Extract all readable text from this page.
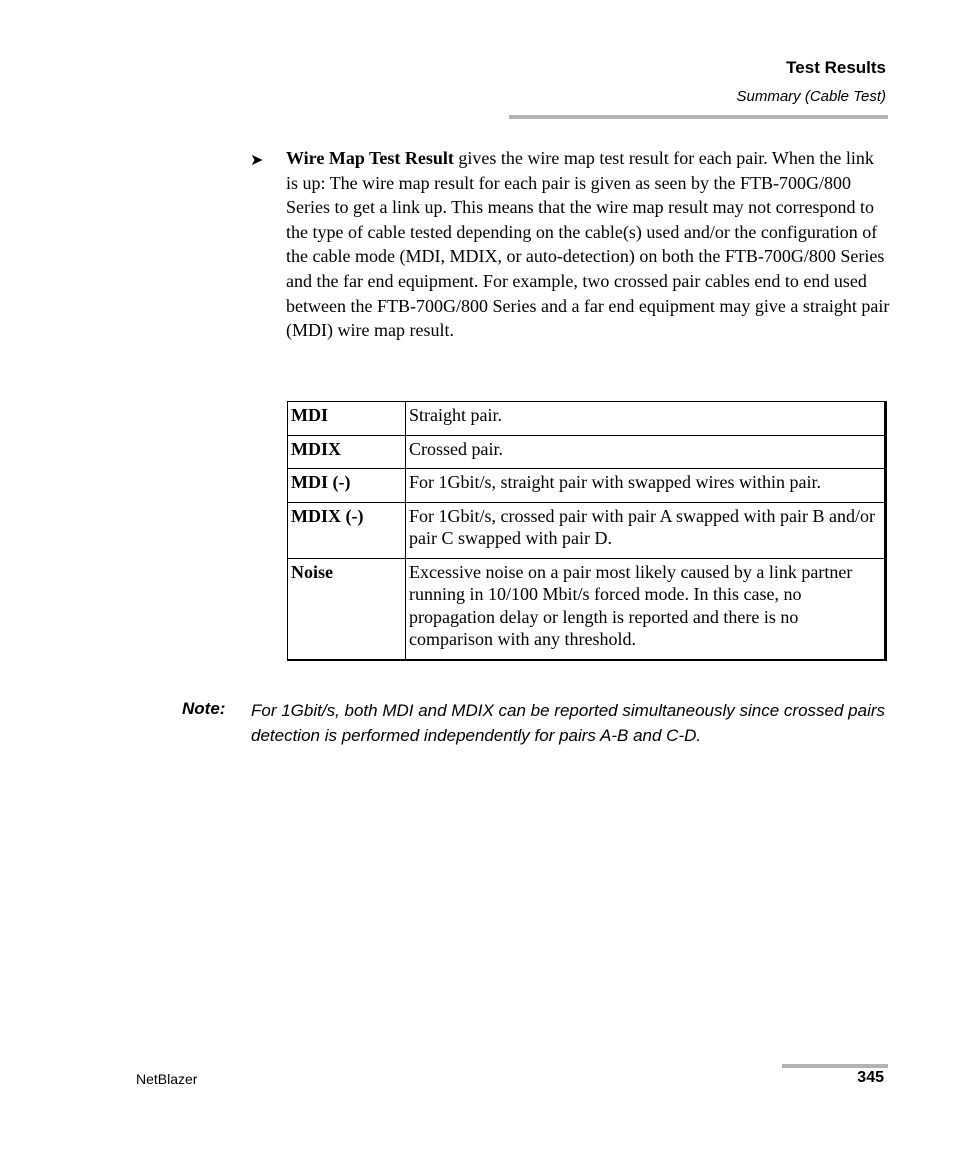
Test Results
Summary (Cable Test)
➤ Wire Map Test Result gives the wire map test result for each pair. When the link is up: The wire map result for each pair is given as seen by the FTB-700G/800 Series to get a link up. This means that the wire map result may not correspond to the type of cable tested depending on the cable(s) used and/or the configuration of the cable mode (MDI, MDIX, or auto-detection) on both the FTB-700G/800 Series and the far end equipment. For example, two crossed pair cables end to end used between the FTB-700G/800 Series and a far end equipment may give a straight pair (MDI) wire map result.
MDI	Straight pair.
MDIX	Crossed pair.
MDI (-)	For 1Gbit/s, straight pair with swapped wires within pair.
MDIX (-)	For 1Gbit/s, crossed pair with pair A swapped with pair B and/or pair C swapped with pair D.
Noise	Excessive noise on a pair most likely caused by a link partner running in 10/100 Mbit/s forced mode. In this case, no propagation delay or length is reported and there is no comparison with any threshold.
Note: For 1Gbit/s, both MDI and MDIX can be reported simultaneously since crossed pairs detection is performed independently for pairs A-B and C-D.
NetBlazer	345
